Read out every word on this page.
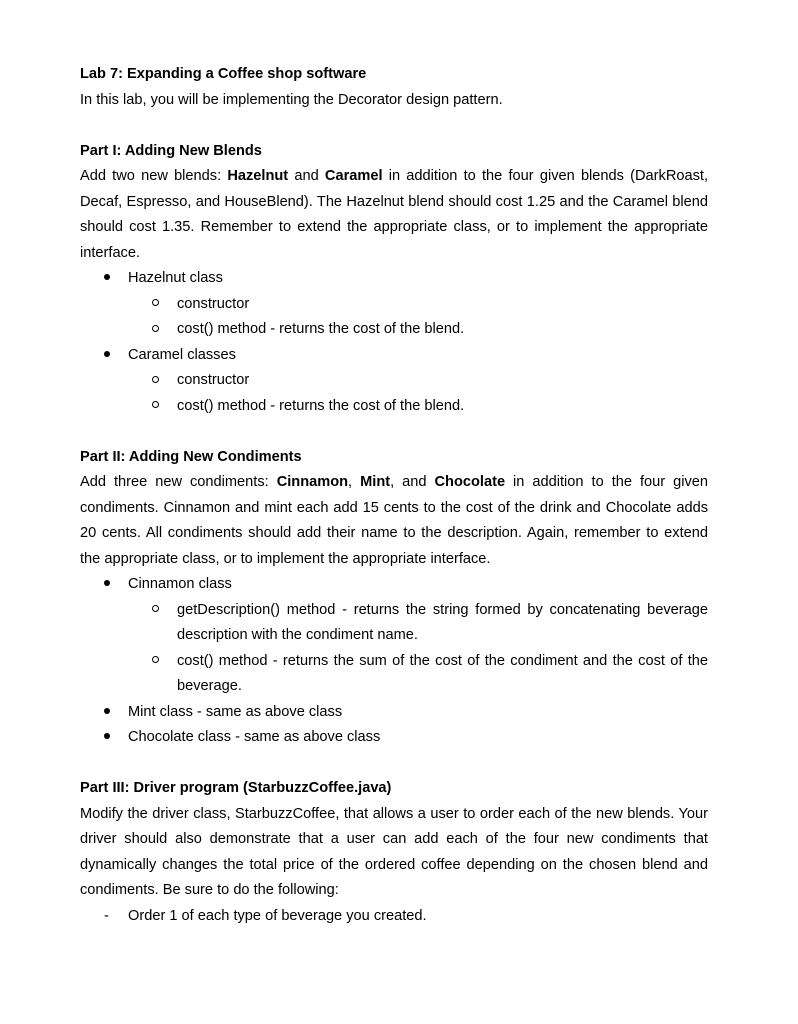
Lab 7: Expanding a Coffee shop software

In this lab, you will be implementing the Decorator design pattern.

Part I: Adding New Blends

Add two new blends: Hazelnut and Caramel in addition to the four given blends (DarkRoast, Decaf, Espresso, and HouseBlend). The Hazelnut blend should cost 1.25 and the Caramel blend should cost 1.35. Remember to extend the appropriate class, or to implement the appropriate interface.

Hazelnut class
constructor
cost() method - returns the cost of the blend.
Caramel classes
constructor
cost() method - returns the cost of the blend.

Part II: Adding New Condiments

Add three new condiments: Cinnamon, Mint, and Chocolate in addition to the four given condiments. Cinnamon and mint each add 15 cents to the cost of the drink and Chocolate adds 20 cents. All condiments should add their name to the description. Again, remember to extend the appropriate class, or to implement the appropriate interface.

Cinnamon class
getDescription() method - returns the string formed by concatenating beverage description with the condiment name.
cost() method - returns the sum of the cost of the condiment and the cost of the beverage.
Mint class - same as above class
Chocolate class - same as above class

Part III: Driver program (StarbuzzCoffee.java)

Modify the driver class, StarbuzzCoffee, that allows a user to order each of the new blends. Your driver should also demonstrate that a user can add each of the four new condiments that dynamically changes the total price of the ordered coffee depending on the chosen blend and condiments. Be sure to do the following:

- Order 1 of each type of beverage you created.
